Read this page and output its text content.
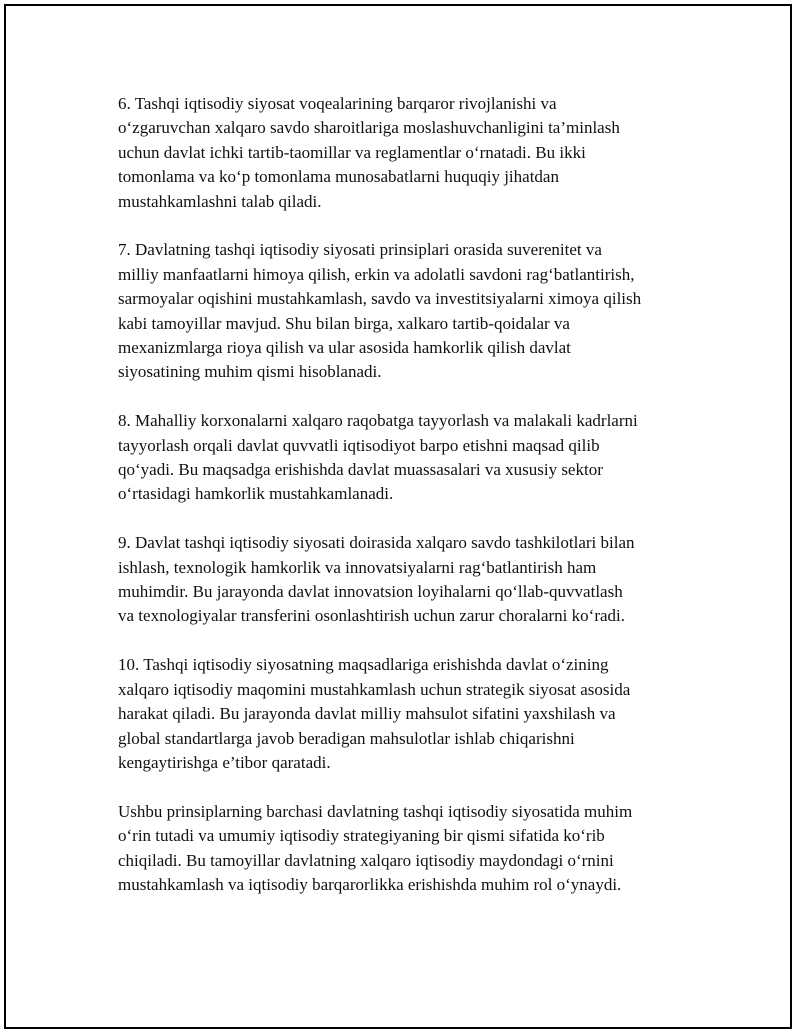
6. Tashqi iqtisodiy siyosat voqealarining barqaror rivojlanishi va
o‘zgaruvchan xalqaro savdo sharoitlariga moslashuvchanligini ta’minlash
uchun davlat ichki tartib-taomillar va reglamentlar o‘rnatadi. Bu ikki
tomonlama va ko‘p tomonlama munosabatlarni huquqiy jihatdan
mustahkamlashni talab qiladi.

7. Davlatning tashqi iqtisodiy siyosati prinsiplari orasida suverenitet va
milliy manfaatlarni himoya qilish, erkin va adolatli savdoni rag‘batlantirish,
sarmoyalar oqishini mustahkamlash, savdo va investitsiyalarni ximoya qilish
kabi tamoyillar mavjud. Shu bilan birga, xalkaro tartib-qoidalar va
mexanizmlarga rioya qilish va ular asosida hamkorlik qilish davlat
siyosatining muhim qismi hisoblanadi.

8. Mahalliy korxonalarni xalqaro raqobatga tayyorlash va malakali kadrlarni
tayyorlash orqali davlat quvvatli iqtisodiyot barpo etishni maqsad qilib
qo‘yadi. Bu maqsadga erishishda davlat muassasalari va xususiy sektor
o‘rtasidagi hamkorlik mustahkamlanadi.

9. Davlat tashqi iqtisodiy siyosati doirasida xalqaro savdo tashkilotlari bilan
ishlash, texnologik hamkorlik va innovatsiyalarni rag‘batlantirish ham
muhimdir. Bu jarayonda davlat innovatsion loyihalarni qo‘llab-quvvatlash
va texnologiyalar transferini osonlashtirish uchun zarur choralarni ko‘radi.

10. Tashqi iqtisodiy siyosatning maqsadlariga erishishda davlat o‘zining
xalqaro iqtisodiy maqomini mustahkamlash uchun strategik siyosat asosida
harakat qiladi. Bu jarayonda davlat milliy mahsulot sifatini yaxshilash va
global standartlarga javob beradigan mahsulotlar ishlab chiqarishni
kengaytirishga e’tibor qaratadi.

Ushbu prinsiplarning barchasi davlatning tashqi iqtisodiy siyosatida muhim
o‘rin tutadi va umumiy iqtisodiy strategiyaning bir qismi sifatida ko‘rib
chiqiladi. Bu tamoyillar davlatning xalqaro iqtisodiy maydondagi o‘rnini
mustahkamlash va iqtisodiy barqarorlikka erishishda muhim rol o‘ynaydi.
